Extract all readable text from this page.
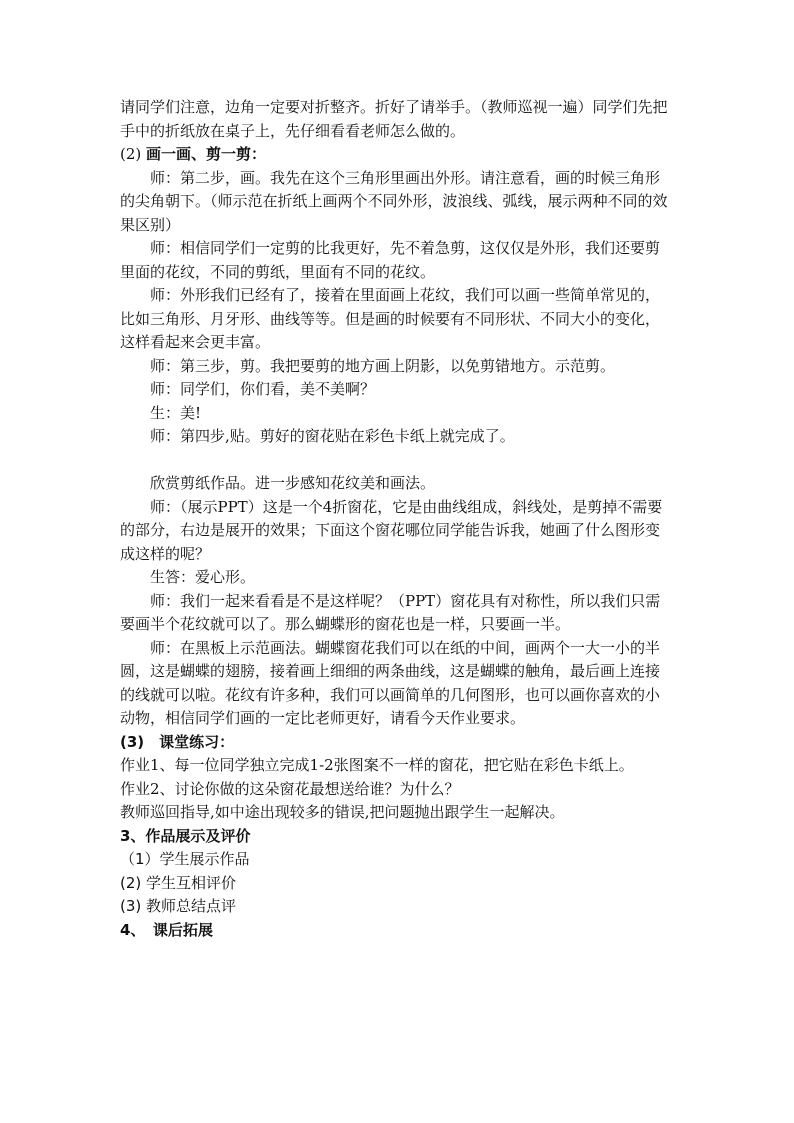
请同学们注意，边角一定要对折整齐。折好了请举手。（教师巡视一遍）同学们先把手中的折纸放在桌子上，先仔细看看老师怎么做的。

(2) 画一画、剪一剪：

师：第二步，画。我先在这个三角形里画出外形。请注意看，画的时候三角形的尖角朝下。（师示范在折纸上画两个不同外形，波浪线、弧线，展示两种不同的效果区别）

师：相信同学们一定剪的比我更好，先不着急剪，这仅仅是外形，我们还要剪里面的花纹，不同的剪纸，里面有不同的花纹。

师：外形我们已经有了，接着在里面画上花纹，我们可以画一些简单常见的，比如三角形、月牙形、曲线等等。但是画的时候要有不同形状、不同大小的变化，这样看起来会更丰富。

师：第三步，剪。我把要剪的地方画上阴影，以免剪错地方。示范剪。

师：同学们，你们看，美不美啊？

生：美!

师：第四步,贴。剪好的窗花贴在彩色卡纸上就完成了。

欣赏剪纸作品。进一步感知花纹美和画法。

师：（展示PPT）这是一个4折窗花，它是由曲线组成，斜线处，是剪掉不需要的部分，右边是展开的效果；下面这个窗花哪位同学能告诉我，她画了什么图形变成这样的呢？

生答：爱心形。

师：我们一起来看看是不是这样呢？（PPT）窗花具有对称性，所以我们只需要画半个花纹就可以了。那么蝴蝶形的窗花也是一样，只要画一半。

师：在黑板上示范画法。蝴蝶窗花我们可以在纸的中间，画两个一大一小的半圆，这是蝴蝶的翅膀，接着画上细细的两条曲线，这是蝴蝶的触角，最后画上连接的线就可以啦。花纹有许多种，我们可以画简单的几何图形，也可以画你喜欢的小动物，相信同学们画的一定比老师更好，请看今天作业要求。

(3)　课堂练习：

作业1、每一位同学独立完成1-2张图案不一样的窗花，把它贴在彩色卡纸上。

作业2、讨论你做的这朵窗花最想送给谁？为什么？

教师巡回指导,如中途出现较多的错误,把问题抛出跟学生一起解决。

3、作品展示及评价

（1）学生展示作品

(2) 学生互相评价

(3) 教师总结点评

4、　课后拓展
